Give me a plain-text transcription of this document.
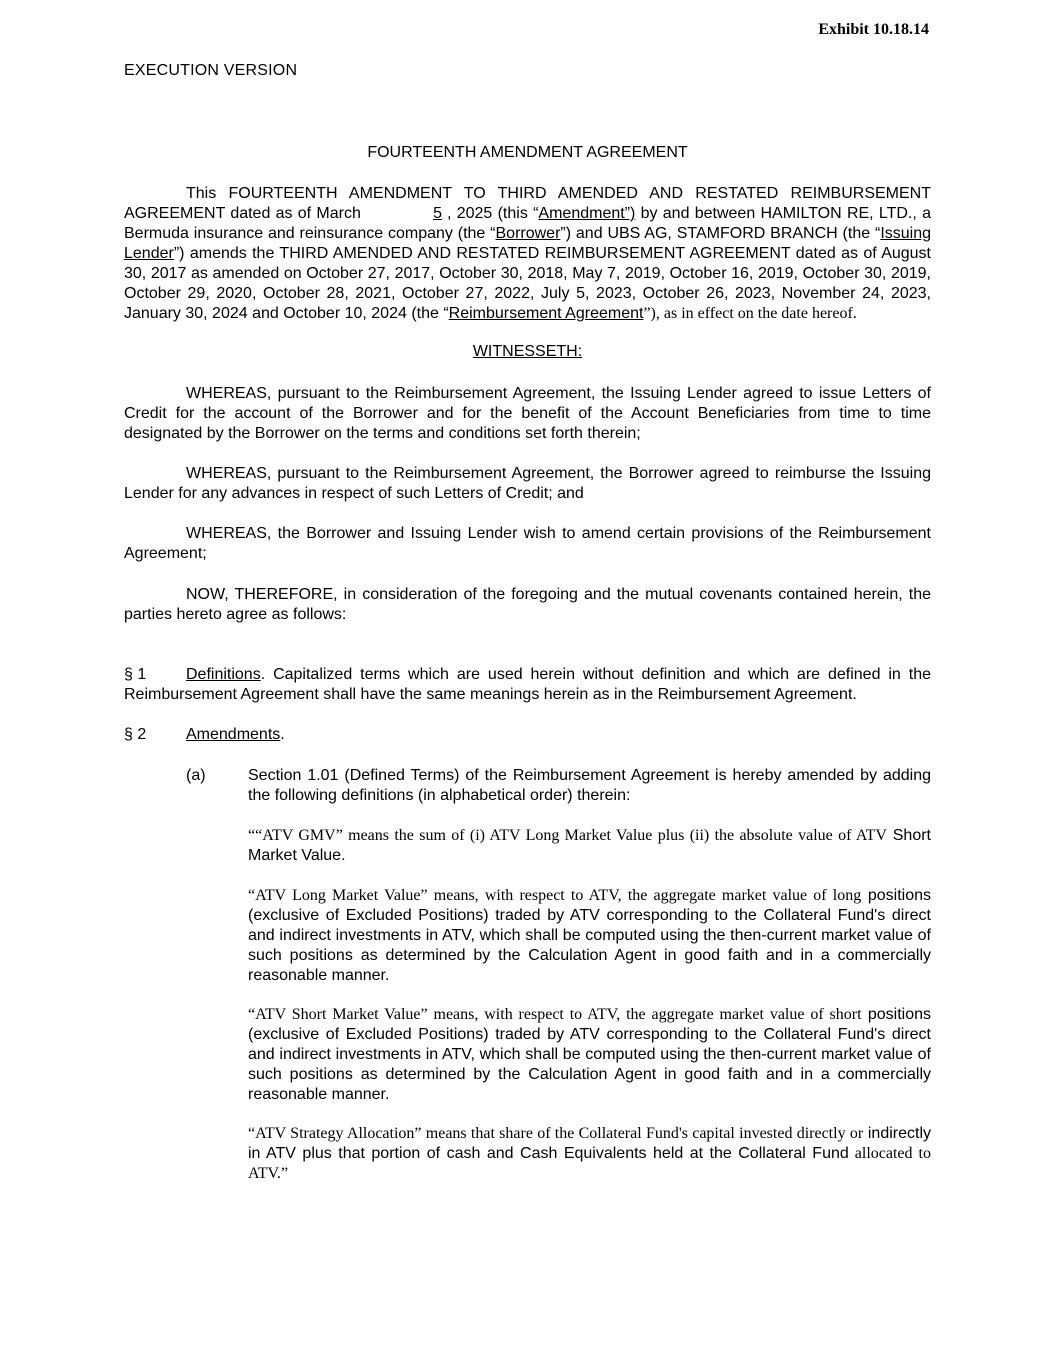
Exhibit 10.18.14
EXECUTION VERSION
FOURTEENTH AMENDMENT AGREEMENT
This FOURTEENTH AMENDMENT TO THIRD AMENDED AND RESTATED REIMBURSEMENT AGREEMENT dated as of March	5 , 2025 (this “Amendment”) by and between HAMILTON RE, LTD., a Bermuda insurance and reinsurance company (the “Borrower”) and UBS AG, STAMFORD BRANCH (the “Issuing Lender”) amends the THIRD AMENDED AND RESTATED REIMBURSEMENT AGREEMENT dated as of August 30, 2017 as amended on October 27, 2017, October 30, 2018, May 7, 2019, October 16, 2019, October 30, 2019, October 29, 2020, October 28, 2021, October 27, 2022, July 5, 2023, October 26, 2023, November 24, 2023, January 30, 2024 and October 10, 2024 (the “Reimbursement Agreement”), as in effect on the date hereof.
WITNESSETH:
WHEREAS, pursuant to the Reimbursement Agreement, the Issuing Lender agreed to issue Letters of Credit for the account of the Borrower and for the benefit of the Account Beneficiaries from time to time designated by the Borrower on the terms and conditions set forth therein;
WHEREAS, pursuant to the Reimbursement Agreement, the Borrower agreed to reimburse the Issuing Lender for any advances in respect of such Letters of Credit; and
WHEREAS, the Borrower and Issuing Lender wish to amend certain provisions of the Reimbursement Agreement;
NOW, THEREFORE, in consideration of the foregoing and the mutual covenants contained herein, the parties hereto agree as follows:
§ 1 Definitions. Capitalized terms which are used herein without definition and which are defined in the Reimbursement Agreement shall have the same meanings herein as in the Reimbursement Agreement.
§ 2 Amendments.
(a)	Section 1.01 (Defined Terms) of the Reimbursement Agreement is hereby amended by adding the following definitions (in alphabetical order) therein:
““ATV GMV” means the sum of (i) ATV Long Market Value plus (ii) the absolute value of ATV Short Market Value.
“ATV Long Market Value” means, with respect to ATV, the aggregate market value of long positions (exclusive of Excluded Positions) traded by ATV corresponding to the Collateral Fund's direct and indirect investments in ATV, which shall be computed using the then-current market value of such positions as determined by the Calculation Agent in good faith and in a commercially reasonable manner.
“ATV Short Market Value” means, with respect to ATV, the aggregate market value of short positions (exclusive of Excluded Positions) traded by ATV corresponding to the Collateral Fund's direct and indirect investments in ATV, which shall be computed using the then-current market value of such positions as determined by the Calculation Agent in good faith and in a commercially reasonable manner.
“ATV Strategy Allocation” means that share of the Collateral Fund's capital invested directly or indirectly in ATV plus that portion of cash and Cash Equivalents held at the Collateral Fund allocated to ATV.”
